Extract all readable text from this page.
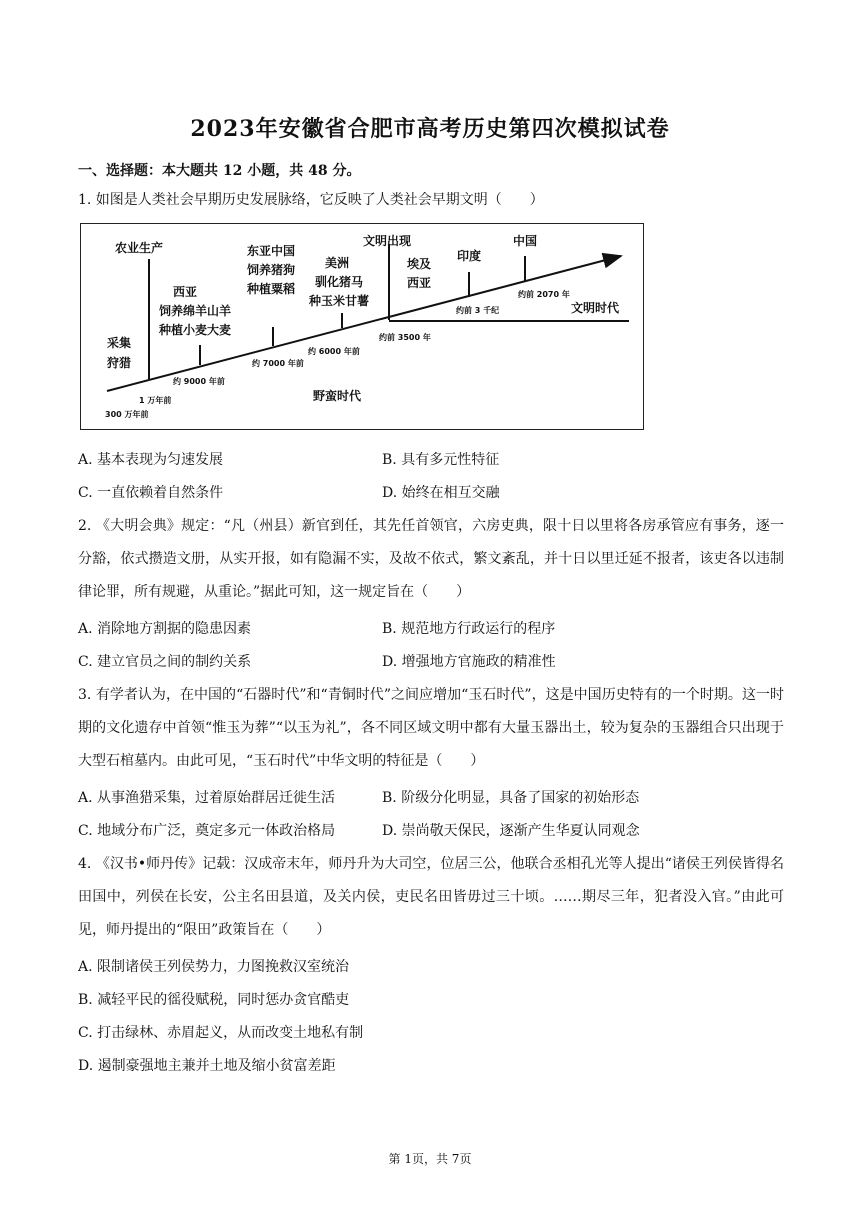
2023年安徽省合肥市高考历史第四次模拟试卷
一、选择题：本大题共 12 小题，共 48 分。
1. 如图是人类社会早期历史发展脉络，它反映了人类社会早期文明（　　）
采集
狩猎
农业生产
西亚
饲养绵羊山羊
种植小麦大麦
东亚中国
饲养猪狗
种植粟稻
美洲
驯化猪马
种玉米甘薯
文明出现
埃及
西亚
印度
中国
1 万年前
300 万年前
约 9000 年前
约 7000 年前
约 6000 年前
约前 3500 年
约前 3 千纪
约前 2070 年
野蛮时代
文明时代
A. 基本表现为匀速发展	B. 具有多元性特征
C. 一直依赖着自然条件	D. 始终在相互交融
2. 《大明会典》规定：“凡（州县）新官到任，其先任首领官，六房吏典，限十日以里将各房承管应有事务，逐一分豁，依式攒造文册，从实开报，如有隐漏不实，及故不依式，繁文紊乱，并十日以里迁延不报者，该吏各以违制律论罪，所有规避，从重论。”据此可知，这一规定旨在（　　）
A. 消除地方割据的隐患因素	B. 规范地方行政运行的程序
C. 建立官员之间的制约关系	D. 增强地方官施政的精准性
3. 有学者认为，在中国的“石器时代”和“青铜时代”之间应增加“玉石时代”，这是中国历史特有的一个时期。这一时期的文化遗存中首领“惟玉为葬”“以玉为礼”，各不同区域文明中都有大量玉器出土，较为复杂的玉器组合只出现于大型石棺墓内。由此可见，“玉石时代”中华文明的特征是（　　）
A. 从事渔猎采集，过着原始群居迁徙生活	B. 阶级分化明显，具备了国家的初始形态
C. 地域分布广泛，奠定多元一体政治格局	D. 崇尚敬天保民，逐渐产生华夏认同观念
4. 《汉书•师丹传》记载：汉成帝末年，师丹升为大司空，位居三公，他联合丞相孔光等人提出“诸侯王列侯皆得名田国中，列侯在长安，公主名田县道，及关内侯，吏民名田皆毋过三十顷。……期尽三年，犯者没入官。”由此可见，师丹提出的“限田”政策旨在（　　）
A. 限制诸侯王列侯势力，力图挽救汉室统治
B. 减轻平民的徭役赋税，同时惩办贪官酷吏
C. 打击绿林、赤眉起义，从而改变土地私有制
D. 遏制豪强地主兼并土地及缩小贫富差距
第 1页，共 7页
